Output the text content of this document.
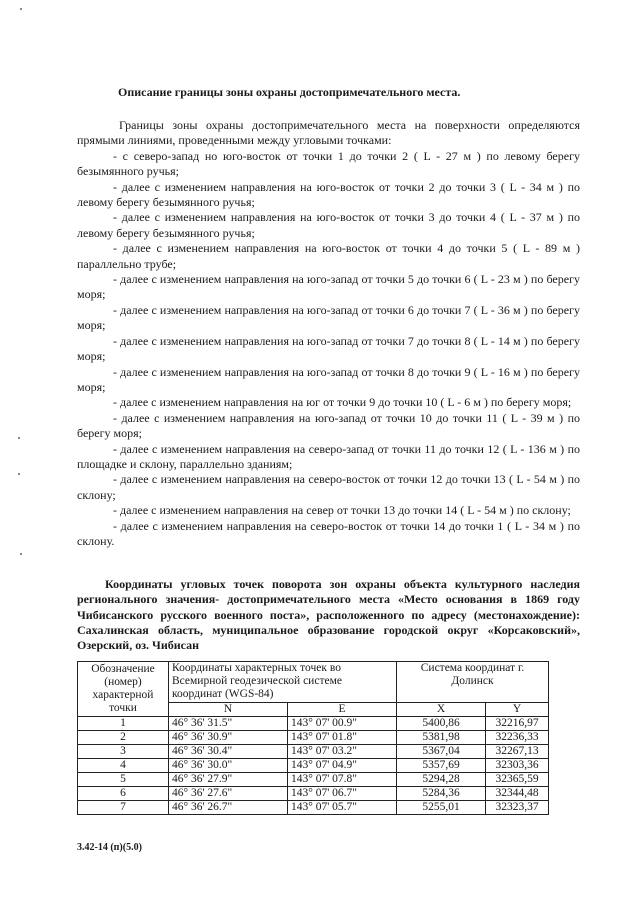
Описание границы зоны охраны достопримечательного места.

Границы зоны охраны достопримечательного места на поверхности определяются прямыми линиями, проведенными между угловыми точками:

- с северо-запад но юго-восток от точки 1 до точки 2 ( L - 27 м ) по левому берегу безымянного ручья;

- далее с изменением направления на юго-восток от точки 2 до точки 3 ( L - 34 м ) по левому берегу безымянного ручья;

- далее с изменением направления на юго-восток от точки 3 до точки 4 ( L - 37 м ) по левому берегу безымянного ручья;

- далее с изменением направления на юго-восток от точки 4 до точки 5 ( L - 89 м ) параллельно трубе;

- далее с изменением направления на юго-запад от точки 5 до точки 6 ( L - 23 м ) по берегу моря;

- далее с изменением направления на юго-запад от точки 6 до точки 7 ( L - 36 м ) по берегу моря;

- далее с изменением направления на юго-запад от точки 7 до точки 8 ( L - 14 м ) по берегу моря;

- далее с изменением направления на юго-запад от точки 8 до точки 9 ( L - 16 м ) по берегу моря;

- далее с изменением направления на юг от точки 9 до точки 10 ( L - 6 м ) по берегу моря;

- далее с изменением направления на юго-запад от точки 10 до точки 11 ( L - 39 м ) по берегу моря;

- далее с изменением направления на северо-запад от точки 11 до точки 12 ( L - 136 м ) по площадке и склону, параллельно зданиям;

- далее с изменением направления на северо-восток от точки 12 до точки 13 ( L - 54 м ) по склону;

- далее с изменением направления на север от точки 13 до точки 14 ( L - 54 м ) по склону;

- далее с изменением направления на северо-восток от точки 14 до точки 1 ( L - 34 м ) по склону.

Координаты угловых точек поворота зон охраны объекта культурного наследия регионального значения- достопримечательного места «Место основания в 1869 году Чибисанского русского военного поста», расположенного по адресу (местонахождение): Сахалинская область, муниципальное образование городской округ «Корсаковский», Озерский, оз. Чибисан
Обозначение (номер) характерной точки	Координаты характерных точек во Всемирной геодезической системе координат (WGS-84)		Система координат г. Долинск	
	N	E	X	Y
1	46° 36' 31.5"	143° 07' 00.9"	5400,86	32216,97
2	46° 36' 30.9"	143° 07' 01.8"	5381,98	32236,33
3	46° 36' 30.4"	143° 07' 03.2"	5367,04	32267,13
4	46° 36' 30.0"	143° 07' 04.9"	5357,69	32303,36
5	46° 36' 27.9"	143° 07' 07.8"	5294,28	32365,59
6	46° 36' 27.6"	143° 07' 06.7"	5284,36	32344,48
7	46° 36' 26.7"	143° 07' 05.7"	5255,01	32323,37
3.42-14 (п)(5.0)
